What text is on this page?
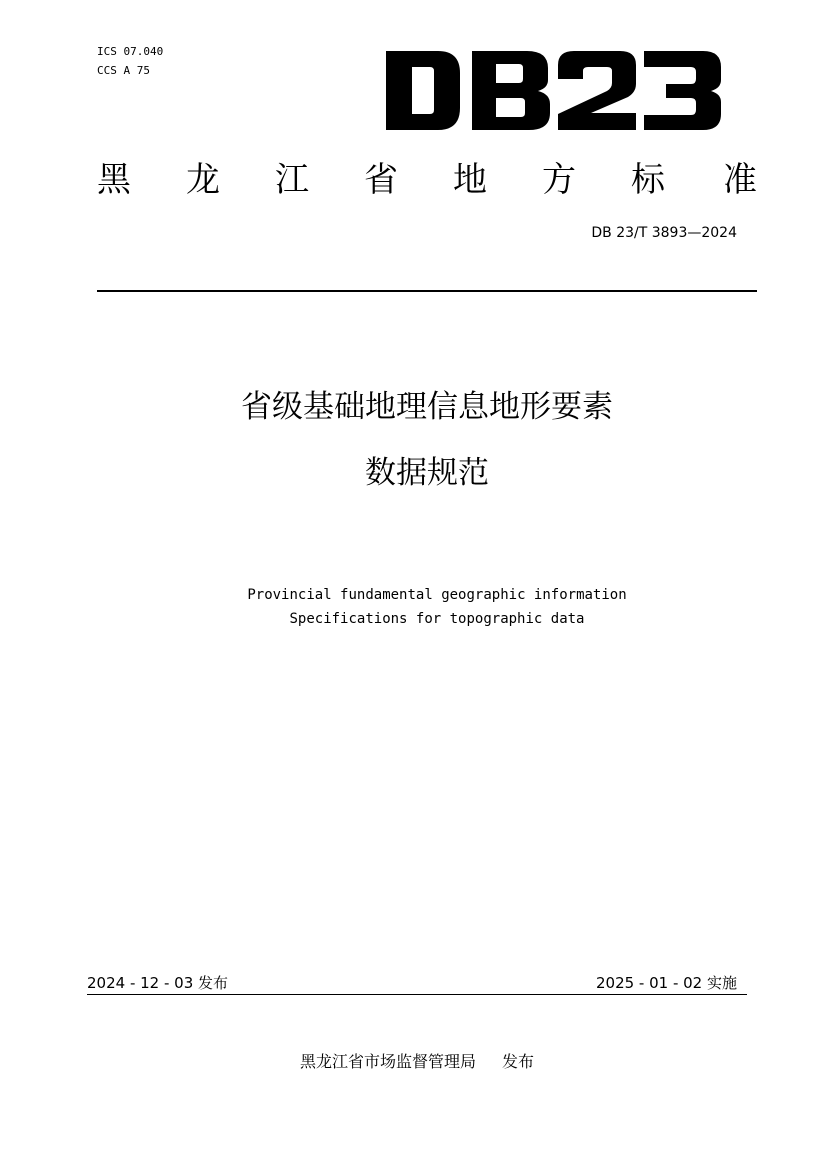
ICS 07.040
CCS A 75
黑 龙 江 省 地 方 标 准
DB 23/T 3893—2024
省级基础地理信息地形要素
数据规范
Provincial fundamental geographic information
Specifications for topographic data
2024 - 12 - 03 发布	2025 - 01 - 02 实施
黑龙江省市场监督管理局 发布
